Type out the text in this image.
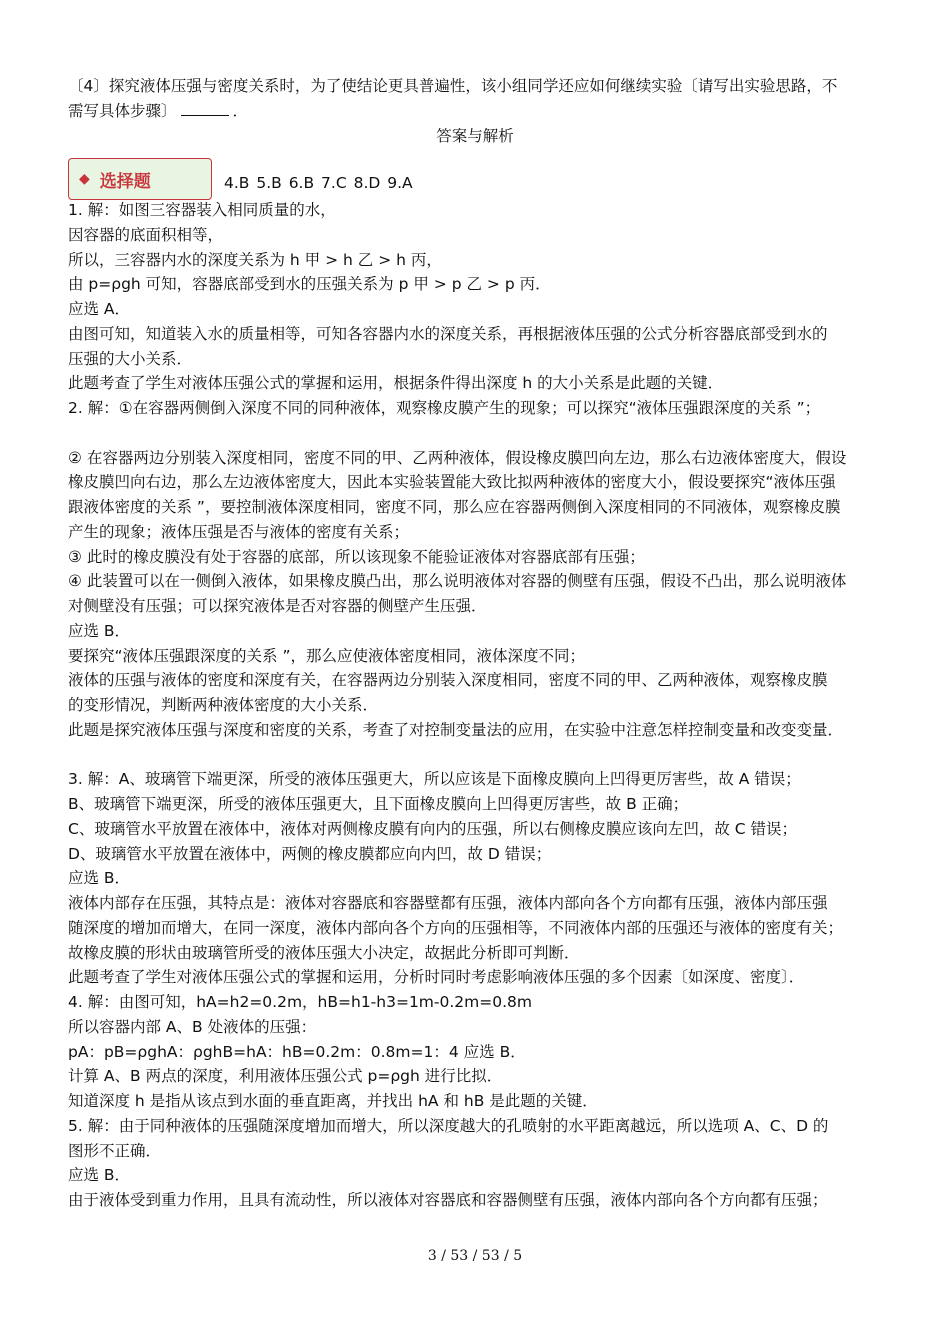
〔4〕探究液体压强与密度关系时，为了使结论更具普遍性，该小组同学还应如何继续实验〔请写出实验思路，不
需写具体步骤〕	．
答案与解析
◆ 选择题	4.B 5.B 6.B 7.C 8.D 9.A
1. 解：如图三容器装入相同质量的水，
因容器的底面积相等，
所以，三容器内水的深度关系为 h 甲 > h 乙 > h 丙，
由 p=ρgh 可知，容器底部受到水的压强关系为 p 甲 > p 乙 > p 丙．
应选 A．
由图可知，知道装入水的质量相等，可知各容器内水的深度关系，再根据液体压强的公式分析容器底部受到水的
压强的大小关系．
此题考查了学生对液体压强公式的掌握和运用，根据条件得出深度 h 的大小关系是此题的关键．
2. 解：①在容器两侧倒入深度不同的同种液体，观察橡皮膜产生的现象；可以探究“液体压强跟深度的关系 ”；
② 在容器两边分别装入深度相同，密度不同的甲、乙两种液体，假设橡皮膜凹向左边，那么右边液体密度大，假设
橡皮膜凹向右边，那么左边液体密度大，因此本实验装置能大致比拟两种液体的密度大小，假设要探究“液体压强
跟液体密度的关系 ”，要控制液体深度相同，密度不同，那么应在容器两侧倒入深度相同的不同液体，观察橡皮膜
产生的现象；液体压强是否与液体的密度有关系；
③ 此时的橡皮膜没有处于容器的底部，所以该现象不能验证液体对容器底部有压强；
④ 此装置可以在一侧倒入液体，如果橡皮膜凸出，那么说明液体对容器的侧壁有压强，假设不凸出，那么说明液体
对侧壁没有压强；可以探究液体是否对容器的侧壁产生压强．
应选 B．
要探究“液体压强跟深度的关系 ”，那么应使液体密度相同，液体深度不同；
液体的压强与液体的密度和深度有关，在容器两边分别装入深度相同，密度不同的甲、乙两种液体，观察橡皮膜
的变形情况，判断两种液体密度的大小关系．
此题是探究液体压强与深度和密度的关系，考查了对控制变量法的应用，在实验中注意怎样控制变量和改变变量．
3. 解：A、玻璃管下端更深，所受的液体压强更大，所以应该是下面橡皮膜向上凹得更厉害些，故 A 错误；
B、玻璃管下端更深，所受的液体压强更大，且下面橡皮膜向上凹得更厉害些，故 B 正确；
C、玻璃管水平放置在液体中，液体对两侧橡皮膜有向内的压强，所以右侧橡皮膜应该向左凹，故 C 错误；
D、玻璃管水平放置在液体中，两侧的橡皮膜都应向内凹，故 D 错误；
应选 B．
液体内部存在压强，其特点是：液体对容器底和容器壁都有压强，液体内部向各个方向都有压强，液体内部压强
随深度的增加而增大，在同一深度，液体内部向各个方向的压强相等，不同液体内部的压强还与液体的密度有关；
故橡皮膜的形状由玻璃管所受的液体压强大小决定，故据此分析即可判断．
此题考查了学生对液体压强公式的掌握和运用，分析时同时考虑影响液体压强的多个因素〔如深度、密度〕．
4. 解：由图可知，hA=h2=0.2m，hB=h1-h3=1m-0.2m=0.8m
所以容器内部 A、B 处液体的压强：
pA：pB=ρghA：ρghB=hA：hB=0.2m：0.8m=1：4 应选 B．
计算 A、B 两点的深度，利用液体压强公式 p=ρgh 进行比拟．
知道深度 h 是指从该点到水面的垂直距离，并找出 hA 和 hB 是此题的关键．
5. 解：由于同种液体的压强随深度增加而增大，所以深度越大的孔喷射的水平距离越远，所以选项 A、C、D 的
图形不正确．
应选 B．
由于液体受到重力作用，且具有流动性，所以液体对容器底和容器侧壁有压强，液体内部向各个方向都有压强；
3 / 53 / 53 / 5
